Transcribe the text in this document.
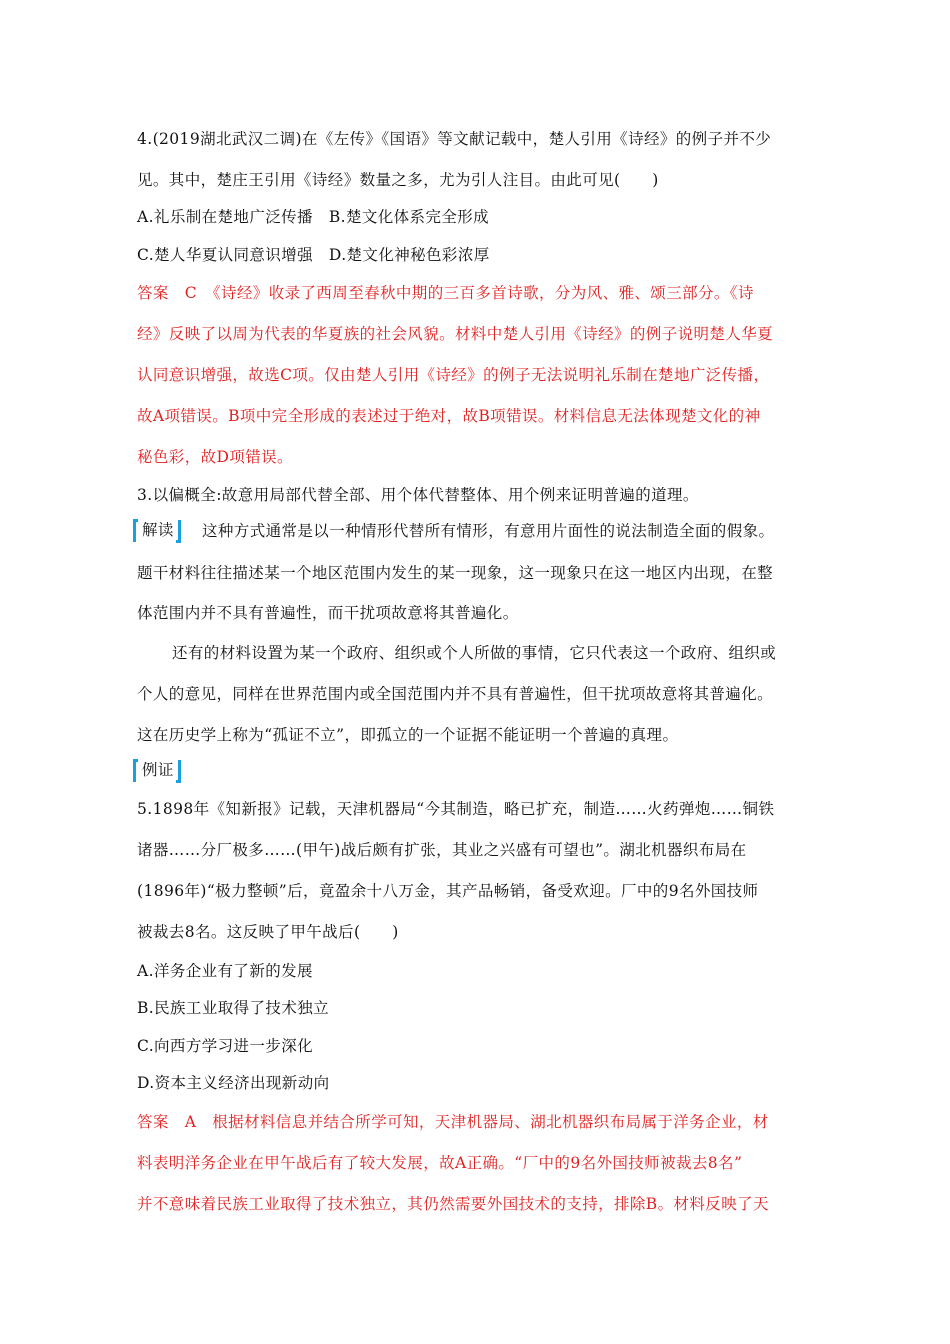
4.(2019湖北武汉二调)在《左传》《国语》等文献记载中，楚人引用《诗经》的例子并不少
见。其中，楚庄王引用《诗经》数量之多，尤为引人注目。由此可见(　　)
A.礼乐制在楚地广泛传播　B.楚文化体系完全形成
C.楚人华夏认同意识增强　D.楚文化神秘色彩浓厚
答案　C　《诗经》收录了西周至春秋中期的三百多首诗歌，分为风、雅、颂三部分。《诗
经》反映了以周为代表的华夏族的社会风貌。材料中楚人引用《诗经》的例子说明楚人华夏
认同意识增强，故选C项。仅由楚人引用《诗经》的例子无法说明礼乐制在楚地广泛传播，
故A项错误。B项中完全形成的表述过于绝对，故B项错误。材料信息无法体现楚文化的神
秘色彩，故D项错误。
3.以偏概全:故意用局部代替全部、用个体代替整体、用个例来证明普遍的道理。
解读	这种方式通常是以一种情形代替所有情形，有意用片面性的说法制造全面的假象。
题干材料往往描述某一个地区范围内发生的某一现象，这一现象只在这一地区内出现，在整
体范围内并不具有普遍性，而干扰项故意将其普遍化。
还有的材料设置为某一个政府、组织或个人所做的事情，它只代表这一个政府、组织或
个人的意见，同样在世界范围内或全国范围内并不具有普遍性，但干扰项故意将其普遍化。
这在历史学上称为“孤证不立”，即孤立的一个证据不能证明一个普遍的真理。
例证
5.1898年《知新报》记载，天津机器局“今其制造，略已扩充，制造……火药弹炮……铜铁
诸器……分厂极多……(甲午)战后颇有扩张，其业之兴盛有可望也”。湖北机器织布局在
(1896年)“极力整顿”后，竟盈余十八万金，其产品畅销，备受欢迎。厂中的9名外国技师
被裁去8名。这反映了甲午战后(　　)
A.洋务企业有了新的发展
B.民族工业取得了技术独立
C.向西方学习进一步深化
D.资本主义经济出现新动向
答案　A　根据材料信息并结合所学可知，天津机器局、湖北机器织布局属于洋务企业，材
料表明洋务企业在甲午战后有了较大发展，故A正确。“厂中的9名外国技师被裁去8名”
并不意味着民族工业取得了技术独立，其仍然需要外国技术的支持，排除B。材料反映了天
